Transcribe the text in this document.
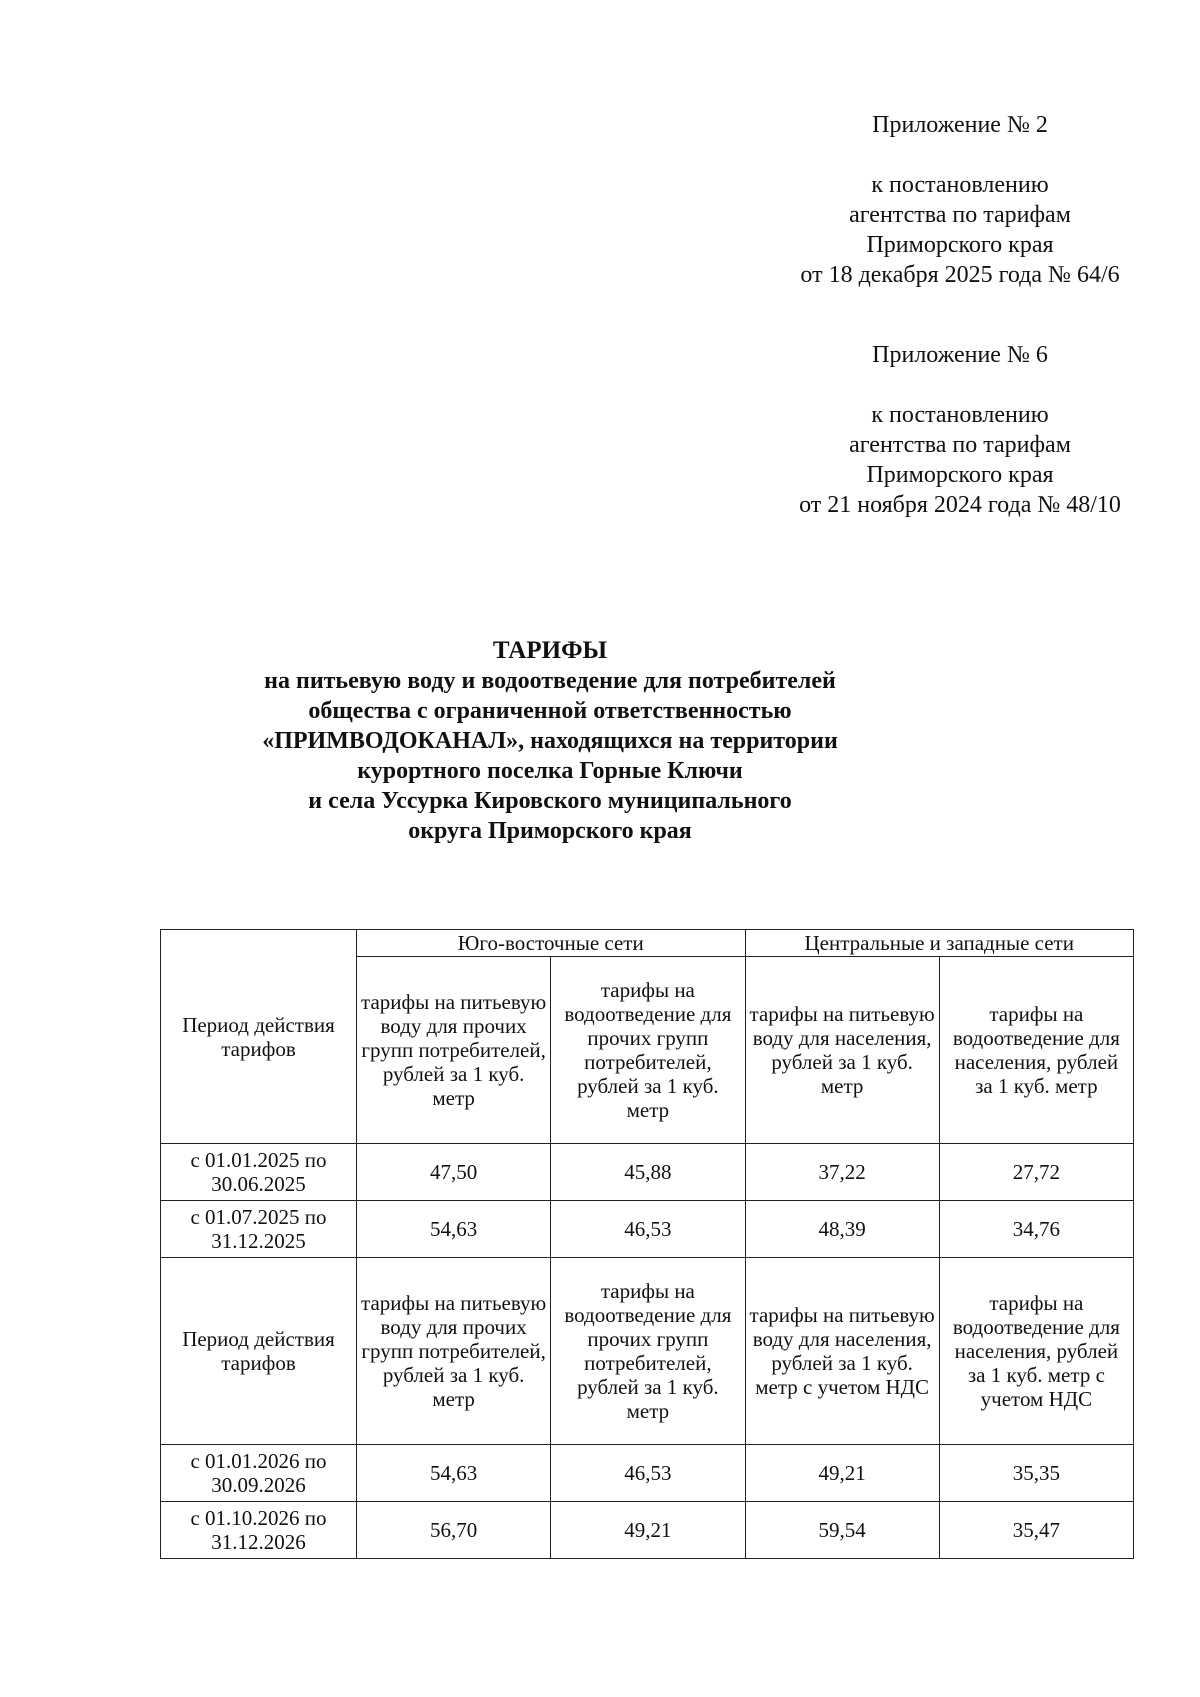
Приложение № 2
к постановлению
агентства по тарифам
Приморского края
от 18 декабря 2025 года № 64/6
Приложение № 6
к постановлению
агентства по тарифам
Приморского края
от 21 ноября 2024 года № 48/10
ТАРИФЫ
на питьевую воду и водоотведение для потребителей
общества с ограниченной ответственностью
«ПРИМВОДОКАНАЛ», находящихся на территории
курортного поселка Горные Ключи
и села Уссурка Кировского муниципального
округа Приморского края
Период действия тарифов	Юго-восточные сети		Центральные и западные сети	
	тарифы на питьевую воду для прочих групп потребителей, рублей за 1 куб. метр	тарифы на водоотведение для прочих групп потребителей, рублей за 1 куб. метр	тарифы на питьевую воду для населения, рублей за 1 куб. метр	тарифы на водоотведение для населения, рублей за 1 куб. метр
с 01.01.2025 по 30.06.2025	47,50	45,88	37,22	27,72
с 01.07.2025 по 31.12.2025	54,63	46,53	48,39	34,76
Период действия тарифов	тарифы на питьевую воду для прочих групп потребителей, рублей за 1 куб. метр	тарифы на водоотведение для прочих групп потребителей, рублей за 1 куб. метр	тарифы на питьевую воду для населения, рублей за 1 куб. метр с учетом НДС	тарифы на водоотведение для населения, рублей за 1 куб. метр с учетом НДС
с 01.01.2026 по 30.09.2026	54,63	46,53	49,21	35,35
с 01.10.2026 по 31.12.2026	56,70	49,21	59,54	35,47
